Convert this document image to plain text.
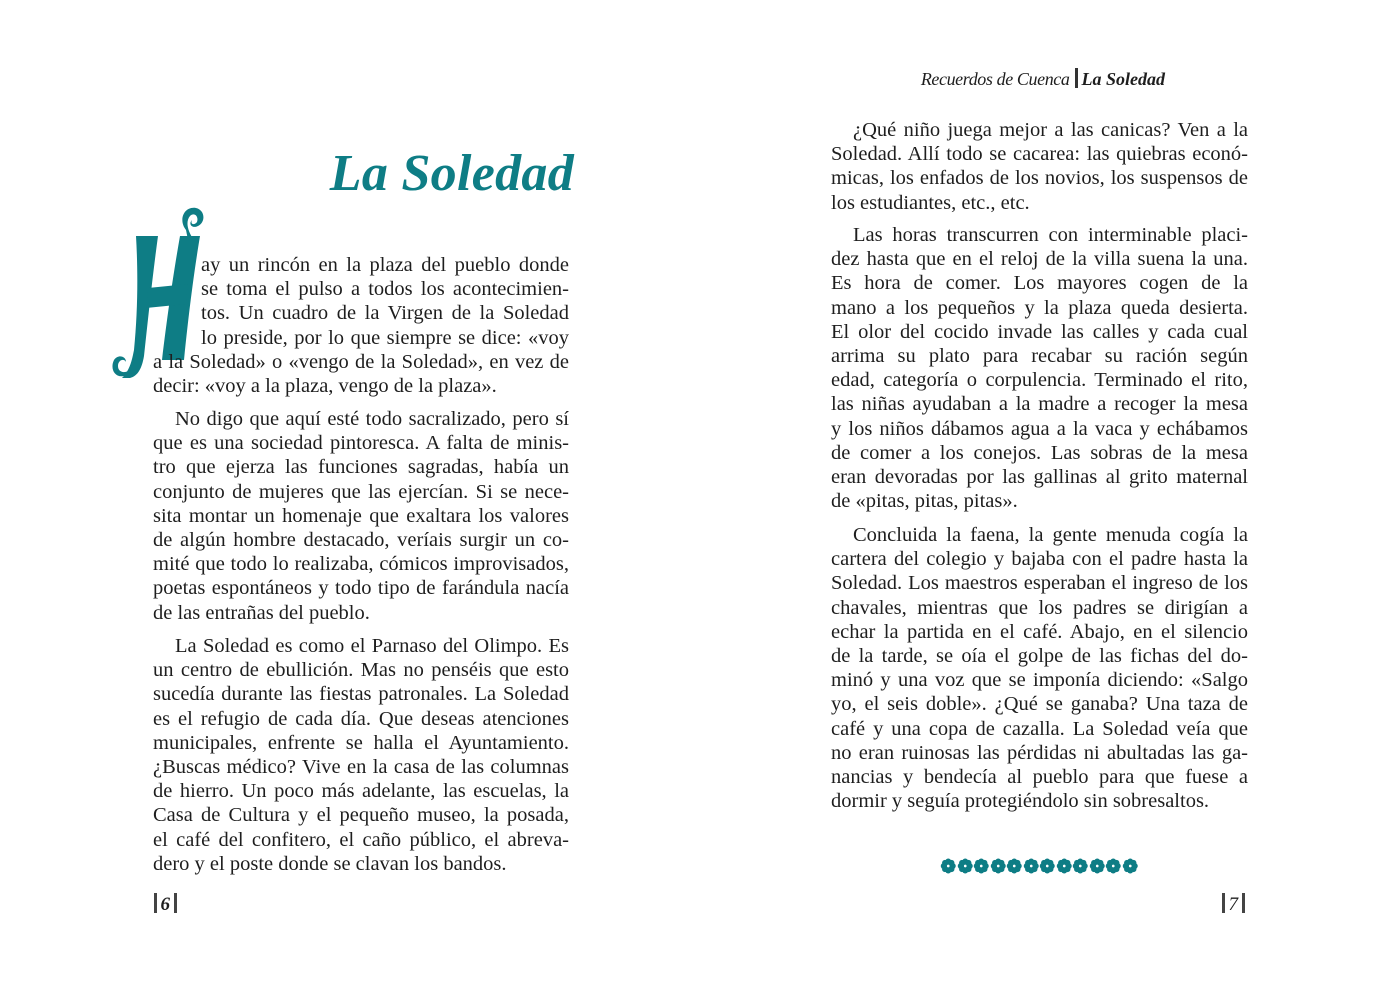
La Soledad
ay un rincón en la plaza del pueblo donde
se toma el pulso a todos los acontecimien-
tos. Un cuadro de la Virgen de la Soledad
lo preside, por lo que siempre se dice: «voy
a la Soledad» o «vengo de la Soledad», en vez de
decir: «voy a la plaza, vengo de la plaza».
No digo que aquí esté todo sacralizado, pero sí
que es una sociedad pintoresca. A falta de minis-
tro que ejerza las funciones sagradas, había un
conjunto de mujeres que las ejercían. Si se nece-
sita montar un homenaje que exaltara los valores
de algún hombre destacado, veríais surgir un co-
mité que todo lo realizaba, cómicos improvisados,
poetas espontáneos y todo tipo de farándula nacía
de las entrañas del pueblo.
La Soledad es como el Parnaso del Olimpo. Es
un centro de ebullición. Mas no penséis que esto
sucedía durante las fiestas patronales. La Soledad
es el refugio de cada día. Que deseas atenciones
municipales, enfrente se halla el Ayuntamiento.
¿Buscas médico? Vive en la casa de las columnas
de hierro. Un poco más adelante, las escuelas, la
Casa de Cultura y el pequeño museo, la posada,
el café del confitero, el caño público, el abreva-
dero y el poste donde se clavan los bandos.
6
Recuerdos de Cuenca La Soledad
¿Qué niño juega mejor a las canicas? Ven a la
Soledad. Allí todo se cacarea: las quiebras econó-
micas, los enfados de los novios, los suspensos de
los estudiantes, etc., etc.
Las horas transcurren con interminable placi-
dez hasta que en el reloj de la villa suena la una.
Es hora de comer. Los mayores cogen de la
mano a los pequeños y la plaza queda desierta.
El olor del cocido invade las calles y cada cual
arrima su plato para recabar su ración según
edad, categoría o corpulencia. Terminado el rito,
las niñas ayudaban a la madre a recoger la mesa
y los niños dábamos agua a la vaca y echábamos
de comer a los conejos. Las sobras de la mesa
eran devoradas por las gallinas al grito maternal
de «pitas, pitas, pitas».
Concluida la faena, la gente menuda cogía la
cartera del colegio y bajaba con el padre hasta la
Soledad. Los maestros esperaban el ingreso de los
chavales, mientras que los padres se dirigían a
echar la partida en el café. Abajo, en el silencio
de la tarde, se oía el golpe de las fichas del do-
minó y una voz que se imponía diciendo: «Salgo
yo, el seis doble». ¿Qué se ganaba? Una taza de
café y una copa de cazalla. La Soledad veía que
no eran ruinosas las pérdidas ni abultadas las ga-
nancias y bendecía al pueblo para que fuese a
dormir y seguía protegiéndolo sin sobresaltos.
7
